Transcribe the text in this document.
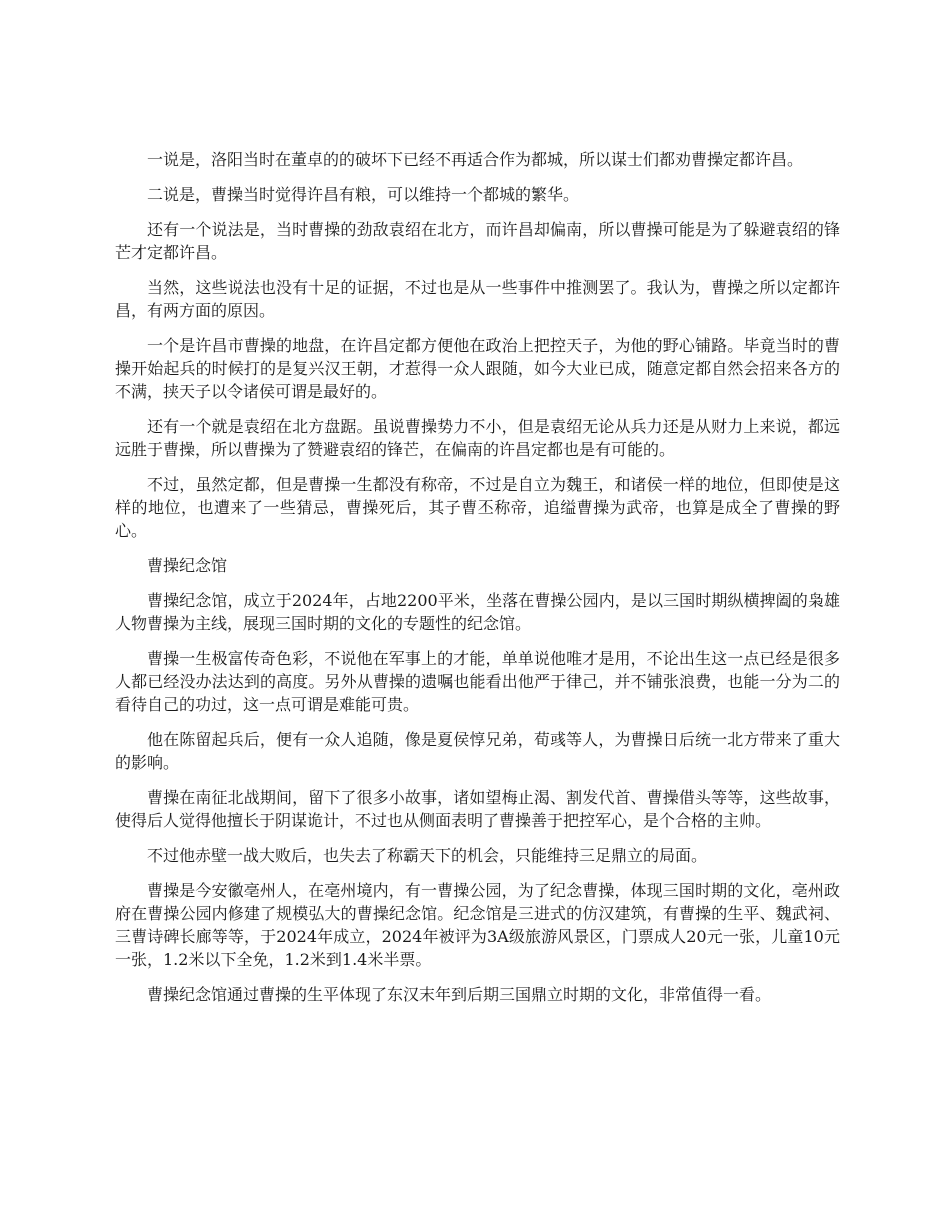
一说是，洛阳当时在董卓的的破坏下已经不再适合作为都城，所以谋士们都劝曹操定都许昌。

二说是，曹操当时觉得许昌有粮，可以维持一个都城的繁华。

还有一个说法是，当时曹操的劲敌袁绍在北方，而许昌却偏南，所以曹操可能是为了躲避袁绍的锋芒才定都许昌。

当然，这些说法也没有十足的证据，不过也是从一些事件中推测罢了。我认为，曹操之所以定都许昌，有两方面的原因。

一个是许昌市曹操的地盘，在许昌定都方便他在政治上把控天子，为他的野心铺路。毕竟当时的曹操开始起兵的时候打的是复兴汉王朝，才惹得一众人跟随，如今大业已成，随意定都自然会招来各方的不满，挟天子以令诸侯可谓是最好的。

还有一个就是袁绍在北方盘踞。虽说曹操势力不小，但是袁绍无论从兵力还是从财力上来说，都远远胜于曹操，所以曹操为了赞避袁绍的锋芒，在偏南的许昌定都也是有可能的。

不过，虽然定都，但是曹操一生都没有称帝，不过是自立为魏王，和诸侯一样的地位，但即使是这样的地位，也遭来了一些猜忌，曹操死后，其子曹丕称帝，追缢曹操为武帝，也算是成全了曹操的野心。

曹操纪念馆

曹操纪念馆，成立于2024年，占地2200平米，坐落在曹操公园内，是以三国时期纵横捭阖的枭雄人物曹操为主线，展现三国时期的文化的专题性的纪念馆。

曹操一生极富传奇色彩，不说他在军事上的才能，单单说他唯才是用，不论出生这一点已经是很多人都已经没办法达到的高度。另外从曹操的遗嘱也能看出他严于律己，并不铺张浪费，也能一分为二的看待自己的功过，这一点可谓是难能可贵。

他在陈留起兵后，便有一众人追随，像是夏侯惇兄弟，荀彧等人，为曹操日后统一北方带来了重大的影响。

曹操在南征北战期间，留下了很多小故事，诸如望梅止渴、割发代首、曹操借头等等，这些故事，使得后人觉得他擅长于阴谋诡计，不过也从侧面表明了曹操善于把控军心，是个合格的主帅。

不过他赤壁一战大败后，也失去了称霸天下的机会，只能维持三足鼎立的局面。

曹操是今安徽亳州人，在亳州境内，有一曹操公园，为了纪念曹操，体现三国时期的文化，亳州政府在曹操公园内修建了规模弘大的曹操纪念馆。纪念馆是三进式的仿汉建筑，有曹操的生平、魏武祠、三曹诗碑长廊等等，于2024年成立，2024年被评为3A级旅游风景区，门票成人20元一张，儿童10元一张，1.2米以下全免，1.2米到1.4米半票。

曹操纪念馆通过曹操的生平体现了东汉末年到后期三国鼎立时期的文化，非常值得一看。
